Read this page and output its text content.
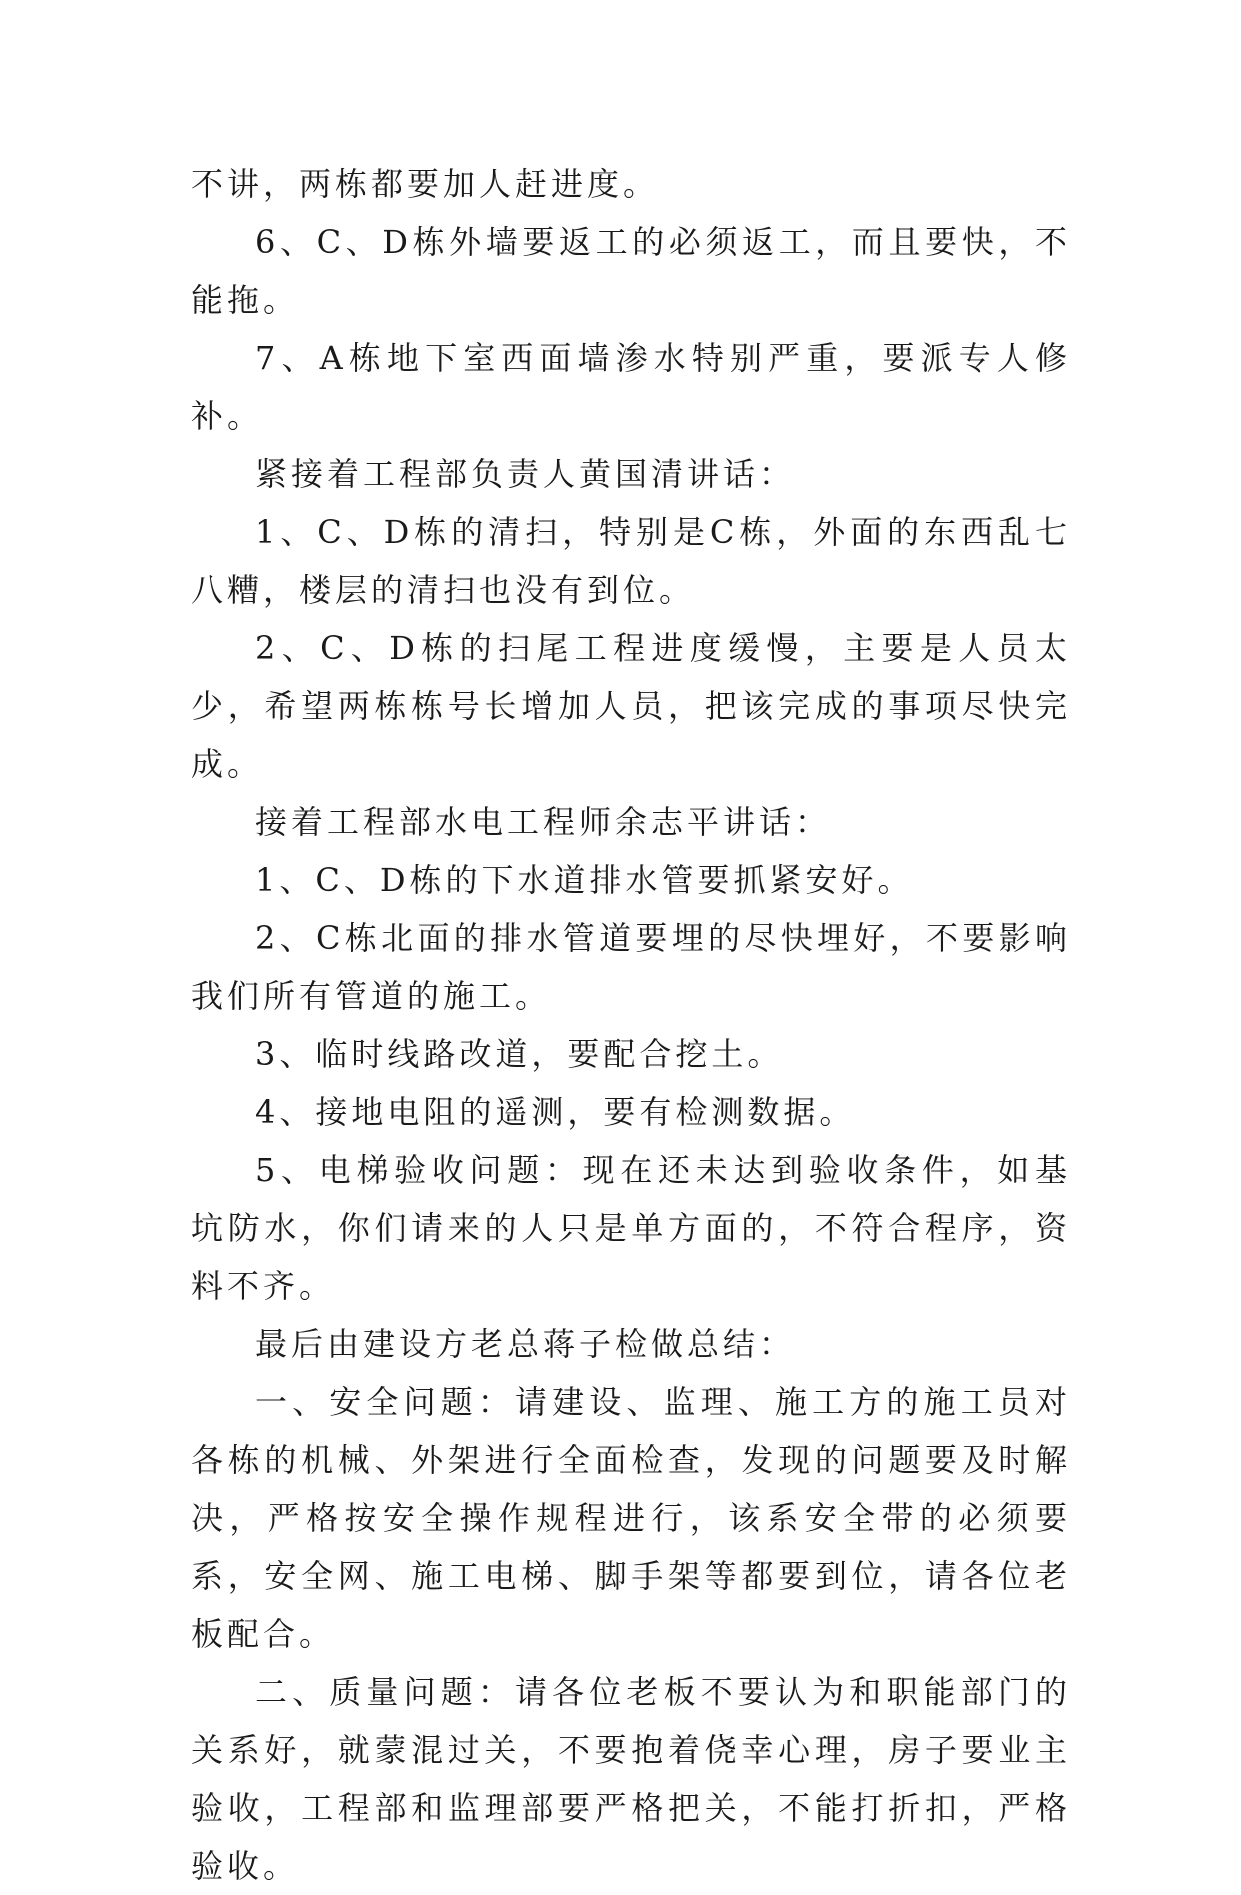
不讲，两栋都要加人赶进度。

6、C、D栋外墙要返工的必须返工，而且要快，不能拖。

7、A栋地下室西面墙渗水特别严重，要派专人修补。

紧接着工程部负责人黄国清讲话：

1、C、D栋的清扫，特别是C栋，外面的东西乱七八糟，楼层的清扫也没有到位。

2、C、D栋的扫尾工程进度缓慢，主要是人员太少，希望两栋栋号长增加人员，把该完成的事项尽快完成。

接着工程部水电工程师余志平讲话：

1、C、D栋的下水道排水管要抓紧安好。

2、C栋北面的排水管道要埋的尽快埋好，不要影响我们所有管道的施工。

3、临时线路改道，要配合挖土。

4、接地电阻的遥测，要有检测数据。

5、电梯验收问题：现在还未达到验收条件，如基坑防水，你们请来的人只是单方面的，不符合程序，资料不齐。

最后由建设方老总蒋子检做总结：

一、安全问题：请建设、监理、施工方的施工员对各栋的机械、外架进行全面检查，发现的问题要及时解决，严格按安全操作规程进行，该系安全带的必须要系，安全网、施工电梯、脚手架等都要到位，请各位老板配合。

二、质量问题：请各位老板不要认为和职能部门的关系好，就蒙混过关，不要抱着侥幸心理，房子要业主验收，工程部和监理部要严格把关，不能打折扣，严格验收。
